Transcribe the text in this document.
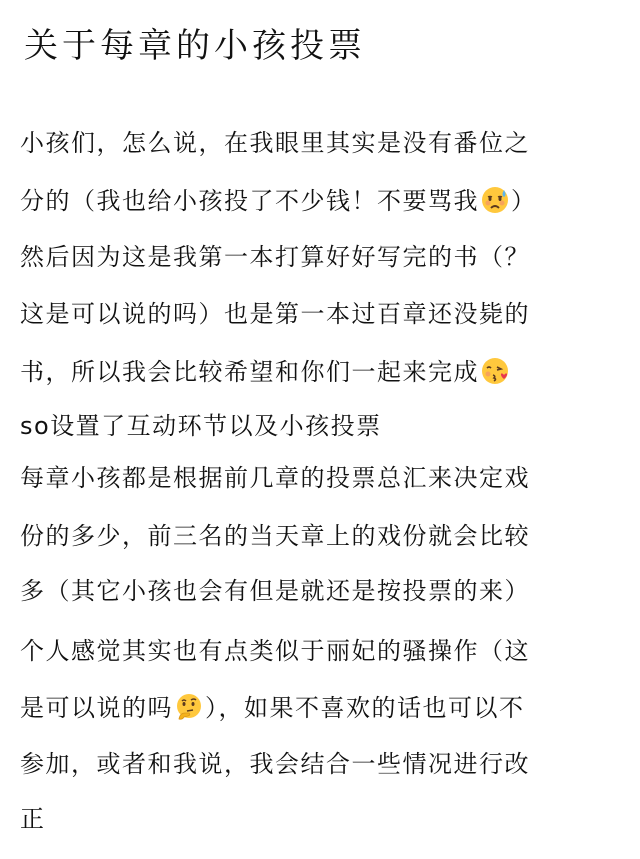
关于每章的小孩投票
小孩们，怎么说，在我眼里其实是没有番位之
分的（我也给小孩投了不少钱！不要骂我 ）
然后因为这是我第一本打算好好写完的书（？
这是可以说的吗）也是第一本过百章还没毙的
书，所以我会比较希望和你们一起来完成
so设置了互动环节以及小孩投票
每章小孩都是根据前几章的投票总汇来决定戏
份的多少，前三名的当天章上的戏份就会比较
多（其它小孩也会有但是就还是按投票的来）
个人感觉其实也有点类似于丽妃的骚操作（这
是可以说的吗 ），如果不喜欢的话也可以不
参加，或者和我说，我会结合一些情况进行改
正
